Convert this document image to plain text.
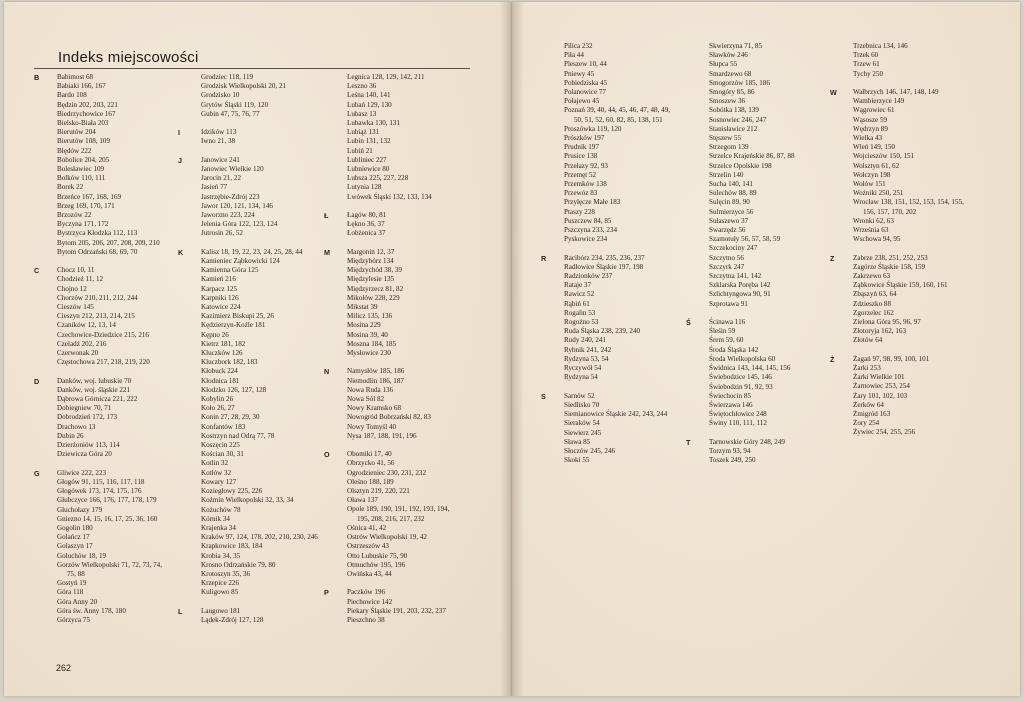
Indeks miejscowości
Babimost 68
Babiaki 166, 167
Bardo 108
Będzin 202, 203, 221
Biedrzychowice 167
Bielsko-Biała 203
Bierutów 204
Bierutów 108, 109
Błędów 222
Bobolice 204, 205
Bolesławiec 109
Bolków 110, 111
Borek 22
Brzeńce 167, 168, 169
Brzeg 169, 170, 171
Brzozów 22
Byczyna 171, 172
Bystrzyca Kłodzka 112, 113
Bytom 205, 206, 207, 208, 209, 210
Bytom Odrzański 68, 69, 70
Chocz 10, 11
Chodzież 11, 12
Chojno 12
Chorzów 210, 211, 212, 244
Cieszów 145
Cieszyn 212, 213, 214, 215
Czaników 12, 13, 14
Czechowice-Dziedzice 215, 216
Czeladź 202, 216
Czerwonak 20
Częstochowa 217, 218, 219, 220
Danków, woj. lubuskie 70
Danków, woj. śląskie 221
Dąbrowa Górnicza 221, 222
Dobiegniew 70, 71
Dobrodzień 172, 173
Drachowo 13
Dubin 26
Dzierżoniów 113, 114
Dziewicza Góra 20
Gliwice 222, 223
Głogów 91, 115, 116, 117, 118
Głogówek 173, 174, 175, 176
Głubczyce 166, 176, 177, 178, 179
Głuchołazy 179
Gniezno 14, 15, 16, 17, 25, 36, 160
Gogolin 180
Golańcz 17
Golaszyn 17
Goluchów 18, 19
Gorzów Wielkopolski 71, 72, 73, 74,
75, 88
Gostyń 19
Góra 118
Góra Anny 20
Góra św. Anny 178, 180
Górzyca 75
B
C
D
G
Grodziec 118, 119
Grodzisk Wielkopolski 20, 21
Grodzisko 10
Grytów Śląski 119, 120
Gubin 47, 75, 76, 77
Idzików 113
Iwno 21, 38
Janowice 241
Janowiec Wielkie 120
Jarocin 21, 22
Jasień 77
Jastrzębie-Zdrój 223
Jawor 120, 121, 134, 146
Jaworzno 223, 224
Jelenia Góra 122, 123, 124
Jutrosin 26, 52
Kalisz 18, 19, 22, 23, 24, 25, 28, 44
Kamieniec Ząbkowicki 124
Kamienna Góra 125
Kamień 216
Karpacz 125
Karpniki 126
Katowice 224
Kazimierz Biskupi 25, 26
Kędzierzyn-Koźle 181
Kępno 26
Kietrz 181, 182
Kluczków 126
Kluczbork 182, 183
Kłobuck 224
Kłodnica 181
Kłodzko 126, 127, 128
Kobylin 26
Koło 26, 27
Konin 27, 28, 29, 30
Konfantów 183
Kostrzyn nad Odrą 77, 78
Koszęcin 225
Kościan 30, 31
Kotlin 32
Kotłów 32
Kowary 127
Koziegłowy 225, 226
Koźmin Wielkopolski 32, 33, 34
Kożuchów 78
Kórnik 34
Krajenka 34
Kraków 97, 124, 178, 202, 210, 230, 246
Krapkowice 183, 184
Krobia 34, 35
Krosno Odrzańskie 79, 80
Krotoszyn 35, 36
Krzepice 226
Kuligowo 85
Laugowo 181
Lądek-Zdrój 127, 128
I
J
K
L
Legnica 128, 129, 142, 211
Leszno 36
Leśna 140, 141
Lubań 129, 130
Lubasz 13
Lubawka 130, 131
Lubiąż 131
Lubin 131, 132
Lubiń 21
Lubliniec 227
Lubniewice 80
Lubsza 225, 227, 228
Lutynia 128
Lwówek Śląski 132, 133, 134
Łagów 80, 81
Łękno 36, 37
Łobżenica 37
Margonin 12, 37
Międzybórz 134
Międzychód 38, 39
Międzylesie 135
Międzyrzecz 81, 82
Mikołów 228, 229
Mikstat 39
Milicz 135, 136
Mosina 229
Mosina 39, 40
Moszna 184, 185
Mysłowice 230
Namysłów 185, 186
Niemodlin 186, 187
Nowa Ruda 136
Nowa Sól 82
Nowy Kramsko 68
Nowogród Bobrzański 82, 83
Nowy Tomyśl 40
Nysa 187, 188, 191, 196
Obomiki 17, 40
Obrzycko 41, 56
Ogrodzieniec 230, 231, 232
Oleśno 188, 189
Olsztyn 219, 220, 221
Oława 137
Opole 189, 190, 191, 192, 193, 194,
195, 208, 216, 217, 232
Ośnica 41, 42
Ostrów Wielkopolski 19, 42
Ostrzeszów 43
Otto Lubuskie 75, 90
Otmuchów 195, 196
Owińska 43, 44
Paczków 196
Piechowice 142
Piekary Śląskie 191, 203, 232, 237
Pieszchno 38
Ł
M
N
O
P
Pilica 232
Piła 44
Pleszew 10, 44
Pniewy 45
Pobiedziska 45
Polanowice 77
Połajewo 45
Poznań 39, 40, 44, 45, 46, 47, 48, 49,
50, 51, 52, 60, 82, 85, 138, 151
Proszówka 119, 120
Prószków 197
Prudnik 197
Prusice 138
Przełazy 92, 93
Przemęt 52
Przemków 138
Przewóz 83
Przyłęcze Małe 183
Ptaszy 228
Puszczew 84, 85
Pszczyna 233, 234
Pyskowice 234
Racibórz 234, 235, 236, 237
Radłowice Śląskie 197, 198
Radzionków 237
Rataje 37
Rawicz 52
Rąbiń 61
Rogalin 53
Rogoźno 53
Ruda Śląska 238, 239, 240
Rudy 240, 241
Rybnik 241, 242
Rydzyna 53, 54
Ryczywół 54
Rydzyna 54
Sarnów 52
Siedlisko 70
Siemianowice Śląskie 242, 243, 244
Sieraków 54
Siewierz 245
Sława 85
Słoczów 245, 246
Skoki 55
R
S
Skwierzyna 71, 85
Sławków 246
Słupca 55
Smardzewo 68
Smogorzów 185, 186
Smogóry 85, 86
Smoszew 36
Sobótka 138, 139
Sosnowiec 246, 247
Stanisławice 212
Stęszew 55
Strzegom 139
Strzelce Krajeńskie 86, 87, 88
Strzelce Opolskie 198
Strzelin 140
Sucha 140, 141
Sulechów 88, 89
Sulęcin 89, 90
Sulmierzyce 56
Sułaszewo 37
Swarzędz 56
Szamotuły 56, 57, 58, 59
Szczekociny 247
Szczytno 56
Szczyrk 247
Szczytna 141, 142
Szklarska Poręba 142
Szlichtyngowa 90, 91
Szprotawa 91
Ścinawa 116
Śleśin 59
Śrem 59, 60
Środa Śląska 142
Środa Wielkopolska 60
Świdnica 143, 144, 145, 156
Świebodzice 145, 146
Świebodzin 91, 92, 93
Świechocin 85
Świerzawa 146
Świętochłowice 248
Świny 110, 111, 112
Tarnowskie Góry 248, 249
Torzym 93, 94
Toszek 249, 250
Ś
T
Trzebnica 134, 146
Trzek 60
Trzew 61
Tychy 250
Wałbrzych 146, 147, 148, 149
Wambierzyce 149
Wągrowiec 61
Wąsosze 59
Wędrzyn 89
Wielka 43
Wleń 149, 150
Wojcieszów 150, 151
Wolsztyn 61, 62
Wołczyn 198
Wołów 151
Woźniki 250, 251
Wrocław 138, 151, 152, 153, 154, 155,
156, 157, 170, 202
Wronki 62, 63
Września 63
Wschowa 94, 95
Zabrze 238, 251, 252, 253
Zagórze Śląskie 158, 159
Zakrzewo 63
Ząbkowice Śląskie 159, 160, 161
Zbąszyń 63, 64
Zdzieszko 88
Zgorzelec 162
Zielona Góra 95, 96, 97
Złotoryja 162, 163
Złotów 64
Żagań 97, 98, 99, 100, 101
Żarki 253
Żarki Wielkie 101
Żarnowiec 253, 254
Żary 101, 102, 103
Żerków 64
Żmigród 163
Żory 254
Żywiec 254, 255, 256
W
Z
Ż
262
